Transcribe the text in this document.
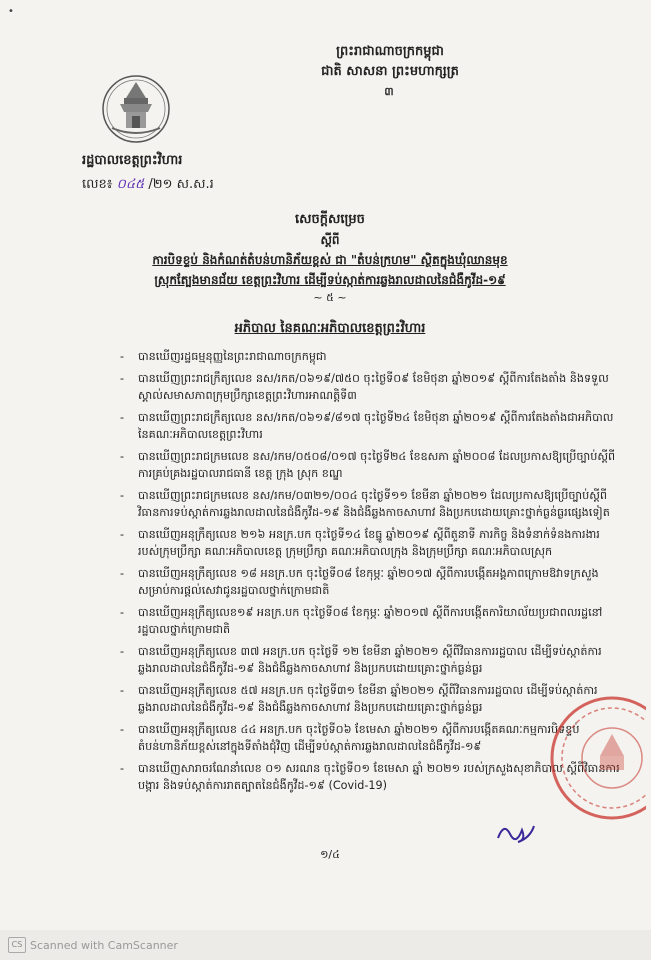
•
ព្រះរាជាណាចក្រកម្ពុជា
ជាតិ សាសនា ព្រះមហាក្សត្រ
៣
រដ្ឋបាលខេត្តព្រះវិហារ
លេខ៖ ០៤៥ /២១ ស.ស.រ
សេចក្តីសម្រេច
ស្តីពី
ការបិទខ្ទប់ និងកំណត់តំបន់ហានិភ័យខ្ពស់ ជា "តំបន់ក្រហម" ស្ថិតក្នុងឃុំឈានមុខ
ស្រុកត្បែងមានជ័យ ខេត្តព្រះវិហារ ដើម្បីទប់ស្កាត់ការឆ្លងរាលដាលនៃជំងឺកូវីដ-១៩
~ ៥ ~
អភិបាល នៃគណៈអភិបាលខេត្តព្រះវិហារ
- បានឃើញរដ្ឋធម្មនុញ្ញនៃព្រះរាជាណាចក្រកម្ពុជា
- បានឃើញព្រះរាជក្រឹត្យលេខ នស/រកត/០៦១៩/៧៥០ ចុះថ្ងៃទី០៩ ខែមិថុនា ឆ្នាំ២០១៩ ស្តីពីការតែងតាំង និងទទួលស្គាល់សមាសភាពក្រុមប្រឹក្សាខេត្តព្រះវិហារអាណត្តិទី៣
- បានឃើញព្រះរាជក្រឹត្យលេខ នស/រកត/០៦១៩/៨១៧ ចុះថ្ងៃទី២៤ ខែមិថុនា ឆ្នាំ២០១៩ ស្តីពីការតែងតាំងជាអភិបាលនៃគណៈអភិបាលខេត្តព្រះវិហារ
- បានឃើញព្រះរាជក្រមលេខ នស/រកម/០៥០៨/០១៧ ចុះថ្ងៃទី២៤ ខែឧសភា ឆ្នាំ២០០៨ ដែលប្រកាសឱ្យប្រើច្បាប់ស្តីពីការគ្រប់គ្រងរដ្ឋបាលរាជធានី ខេត្ត ក្រុង ស្រុក ខណ្ឌ
- បានឃើញព្រះរាជក្រមលេខ នស/រកម/០៣២១/០០៤ ចុះថ្ងៃទី១១ ខែមីនា ឆ្នាំ២០២១ ដែលប្រកាសឱ្យប្រើច្បាប់ស្តីពីវិធានការទប់ស្កាត់ការឆ្លងរាលដាលនៃជំងឺកូវីដ-១៩ និងជំងឺឆ្លងកាចសាហាវ និងប្រកបដោយគ្រោះថ្នាក់ធ្ងន់ធ្ងរផ្សេងទៀត
- បានឃើញអនុក្រឹត្យលេខ ២១៦ អនក្រ.បក ចុះថ្ងៃទី១៤ ខែធ្នូ ឆ្នាំ២០១៩ ស្តីពីតួនាទី ភារកិច្ច និងទំនាក់ទំនងការងាររបស់ក្រុមប្រឹក្សា គណៈអភិបាលខេត្ត ក្រុមប្រឹក្សា គណៈអភិបាលក្រុង និងក្រុមប្រឹក្សា គណៈអភិបាលស្រុក
- បានឃើញអនុក្រឹត្យលេខ ១៨ អនក្រ.បក ចុះថ្ងៃទី០៨ ខែកុម្ភៈ ឆ្នាំ២០១៧ ស្តីពីការបង្កើតអង្គភាពក្រោមឱវាទក្រសួងសម្រាប់ការផ្តល់សេវាជូនរដ្ឋបាលថ្នាក់ក្រោមជាតិ
- បានឃើញអនុក្រឹត្យលេខ១៩ អនក្រ.បក ចុះថ្ងៃទី០៨ ខែកុម្ភៈ ឆ្នាំ២០១៧ ស្តីពីការបង្កើតការិយាល័យប្រជាពលរដ្ឋនៅរដ្ឋបាលថ្នាក់ក្រោមជាតិ
- បានឃើញអនុក្រឹត្យលេខ ៣៧ អនក្រ.បក ចុះថ្ងៃទី ១២ ខែមីនា ឆ្នាំ២០២១ ស្តីពីវិធានការរដ្ឋបាល ដើម្បីទប់ស្កាត់ការឆ្លងរាលដាលនៃជំងឺកូវីដ-១៩ និងជំងឺឆ្លងកាចសាហាវ និងប្រកបដោយគ្រោះថ្នាក់ធ្ងន់ធ្ងរ
- បានឃើញអនុក្រឹត្យលេខ ៥៧ អនក្រ.បក ចុះថ្ងៃទី៣១ ខែមីនា ឆ្នាំ២០២១ ស្តីពីវិធានការរដ្ឋបាល ដើម្បីទប់ស្កាត់ការឆ្លងរាលដាលនៃជំងឺកូវីដ-១៩ និងជំងឺឆ្លងកាចសាហាវ និងប្រកបដោយគ្រោះថ្នាក់ធ្ងន់ធ្ងរ
- បានឃើញអនុក្រឹត្យលេខ ៤៤ អនក្រ.បក ចុះថ្ងៃទី០៦ ខែមេសា ឆ្នាំ២០២១ ស្តីពីការបង្កើតគណៈកម្មការបិទខ្ទប់តំបន់ហានិភ័យខ្ពស់នៅក្នុងទីតាំងជុំវិញ ដើម្បីទប់ស្កាត់ការឆ្លងរាលដាលនៃជំងឺកូវីដ-១៩
- បានឃើញសារាចរណែនាំលេខ ០១ សរណន ចុះថ្ងៃទី០១ ខែមេសា ឆ្នាំ ២០២១ របស់ក្រសួងសុខាភិបាល ស្តីពីវិធានការបង្ការ និងទប់ស្កាត់ការរាតត្បាតនៃជំងឺកូវីដ-១៩ (Covid-19)
១/៤
CS Scanned with CamScanner
